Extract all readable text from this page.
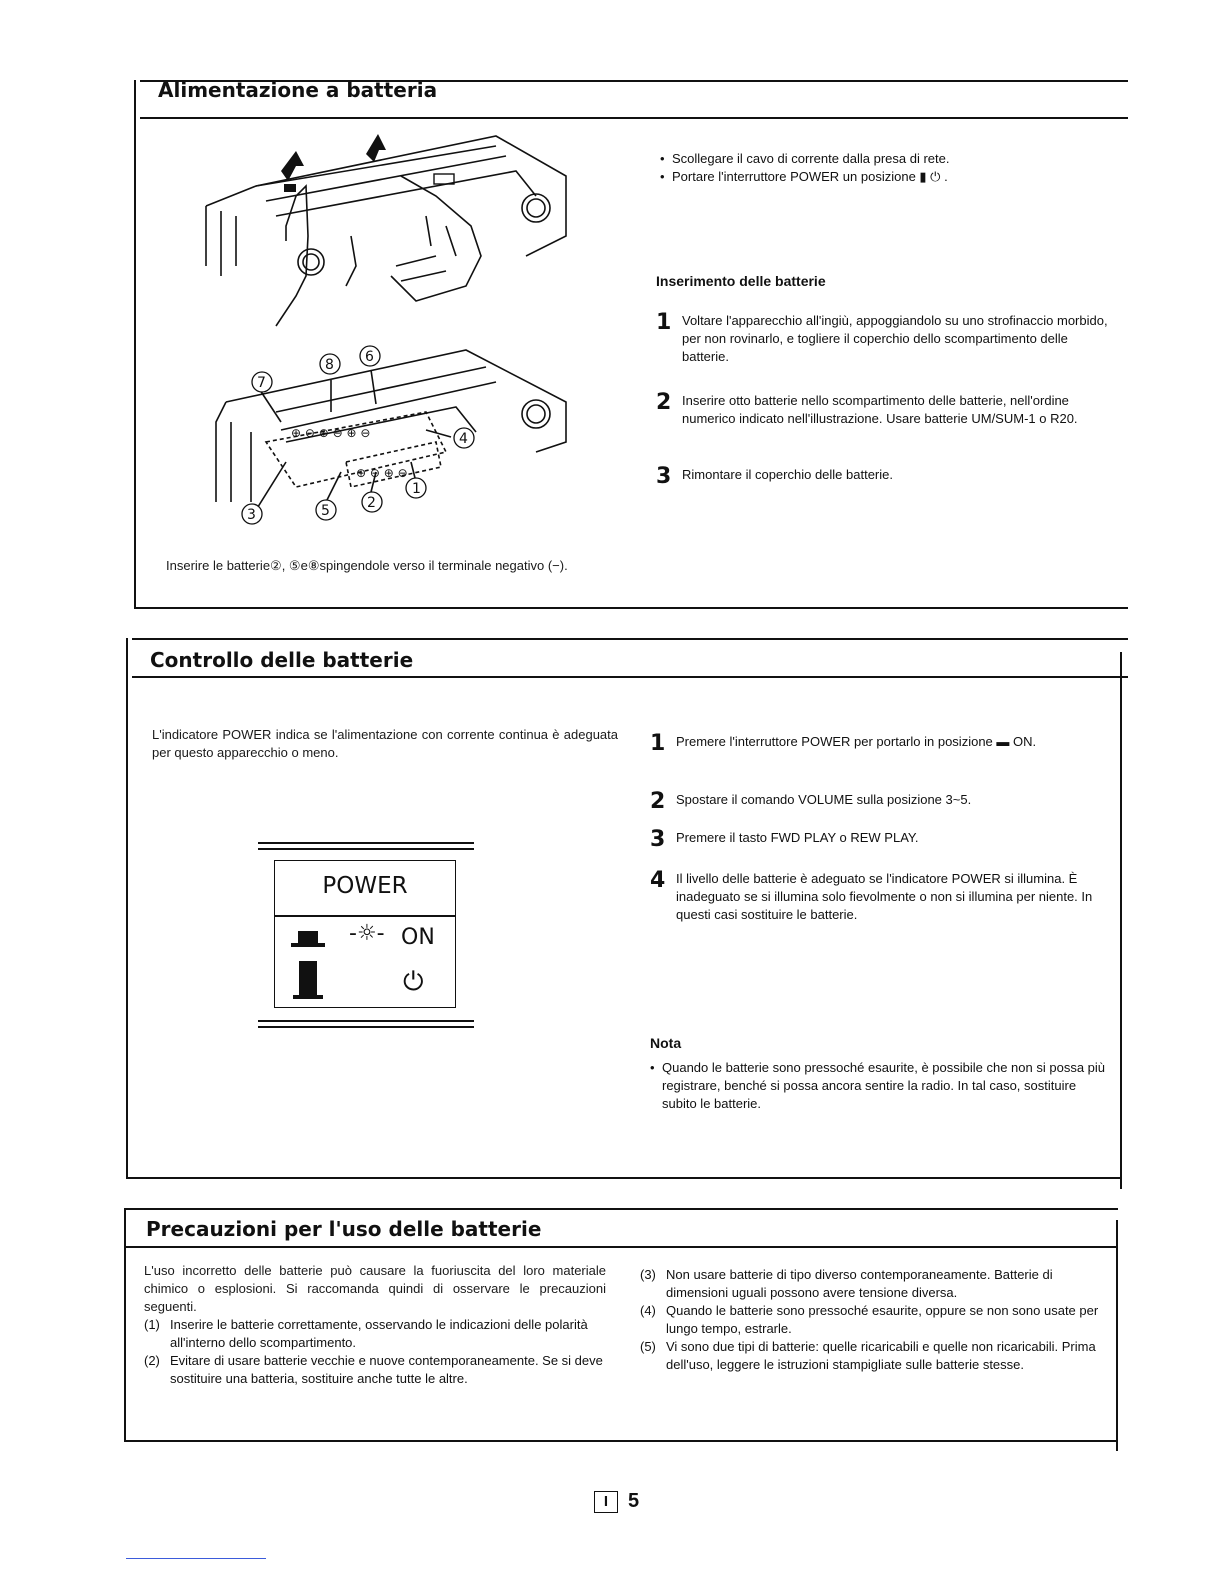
Alimentazione a batteria
8 6
7
4
3	5	2
1
⊕ ⊖ ⊕ ⊖ ⊕ ⊖
⊕ ⊖ ⊕ ⊖
Inserire le batterie②, ⑤e⑧spingendole verso il terminale negativo (−).
• Scollegare il cavo di corrente dalla presa di rete.
• Portare l'interruttore POWER un posizione ▮ ⏻ .
Inserimento delle batterie
1 Voltare l'apparecchio all'ingiù, appoggiandolo su uno strofinaccio morbido, per non rovinarlo, e togliere il coperchio dello scompartimento delle batterie.
2 Inserire otto batterie nello scompartimento delle batterie, nell'ordine numerico indicato nell'illustrazione. Usare batterie UM/SUM-1 o R20.
3 Rimontare il coperchio delle batterie.
Controllo delle batterie
L'indicatore POWER indica se l'alimentazione con corrente continua è adeguata per questo apparecchio o meno.
POWER
-☼- ON
⏻
1 Premere l'interruttore POWER per portarlo in posizione ▬ ON.
2 Spostare il comando VOLUME sulla posizione 3~5.
3 Premere il tasto FWD PLAY o REW PLAY.
4 Il livello delle batterie è adeguato se l'indicatore POWER si illumina. È inadeguato se si illumina solo fievolmente o non si illumina per niente. In questi casi sostituire le batterie.
Nota
• Quando le batterie sono pressoché esaurite, è possibile che non si possa più registrare, benché si possa ancora sentire la radio. In tal caso, sostituire subito le batterie.
Precauzioni per l'uso delle batterie
L'uso incorretto delle batterie può causare la fuoriuscita del loro materiale chimico o esplosioni. Si raccomanda quindi di osservare le precauzioni seguenti.
(1) Inserire le batterie correttamente, osservando le indicazioni delle polarità all'interno dello scompartimento.
(2) Evitare di usare batterie vecchie e nuove contemporaneamente. Se si deve sostituire una batteria, sostituire anche tutte le altre.
(3) Non usare batterie di tipo diverso contemporaneamente. Batterie di dimensioni uguali possono avere tensione diversa.
(4) Quando le batterie sono pressoché esaurite, oppure se non sono usate per lungo tempo, estrarle.
(5) Vi sono due tipi di batterie: quelle ricaricabili e quelle non ricaricabili. Prima dell'uso, leggere le istruzioni stampigliate sulle batterie stesse.
I 5
